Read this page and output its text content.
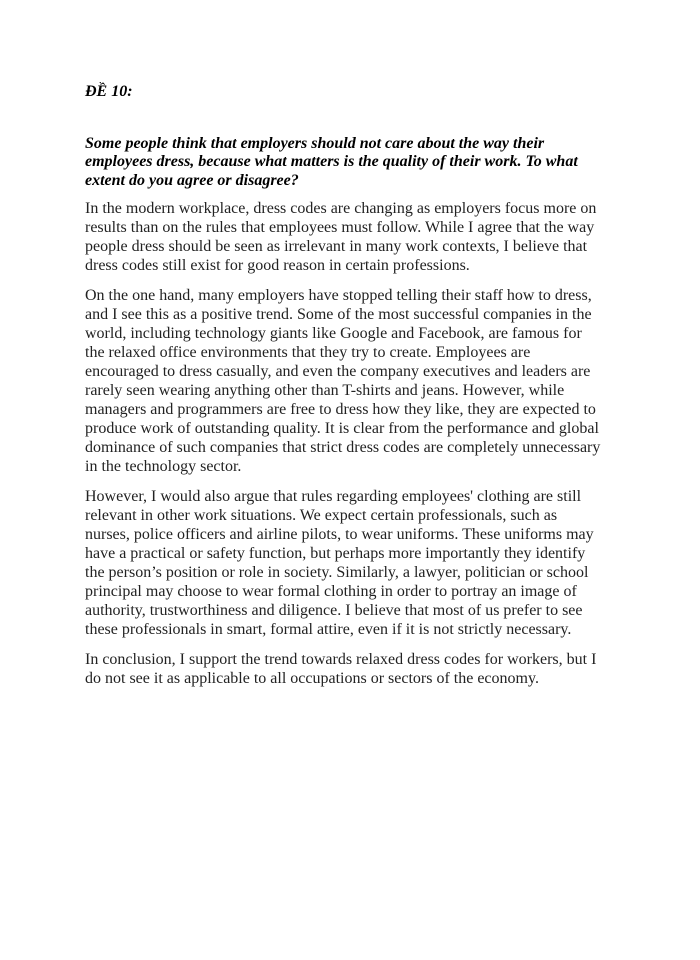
ĐỀ 10:

Some people think that employers should not care about the way their employees dress, because what matters is the quality of their work. To what extent do you agree or disagree?

In the modern workplace, dress codes are changing as employers focus more on
results than on the rules that employees must follow. While I agree that the way
people dress should be seen as irrelevant in many work contexts, I believe that
dress codes still exist for good reason in certain professions.

On the one hand, many employers have stopped telling their staff how to dress,
and I see this as a positive trend. Some of the most successful companies in the
world, including technology giants like Google and Facebook, are famous for
the relaxed office environments that they try to create. Employees are
encouraged to dress casually, and even the company executives and leaders are
rarely seen wearing anything other than T-shirts and jeans. However, while
managers and programmers are free to dress how they like, they are expected to
produce work of outstanding quality. It is clear from the performance and global
dominance of such companies that strict dress codes are completely unnecessary
in the technology sector.

However, I would also argue that rules regarding employees' clothing are still
relevant in other work situations. We expect certain professionals, such as
nurses, police officers and airline pilots, to wear uniforms. These uniforms may
have a practical or safety function, but perhaps more importantly they identify
the person’s position or role in society. Similarly, a lawyer, politician or school
principal may choose to wear formal clothing in order to portray an image of
authority, trustworthiness and diligence. I believe that most of us prefer to see
these professionals in smart, formal attire, even if it is not strictly necessary.

In conclusion, I support the trend towards relaxed dress codes for workers, but I
do not see it as applicable to all occupations or sectors of the economy.
